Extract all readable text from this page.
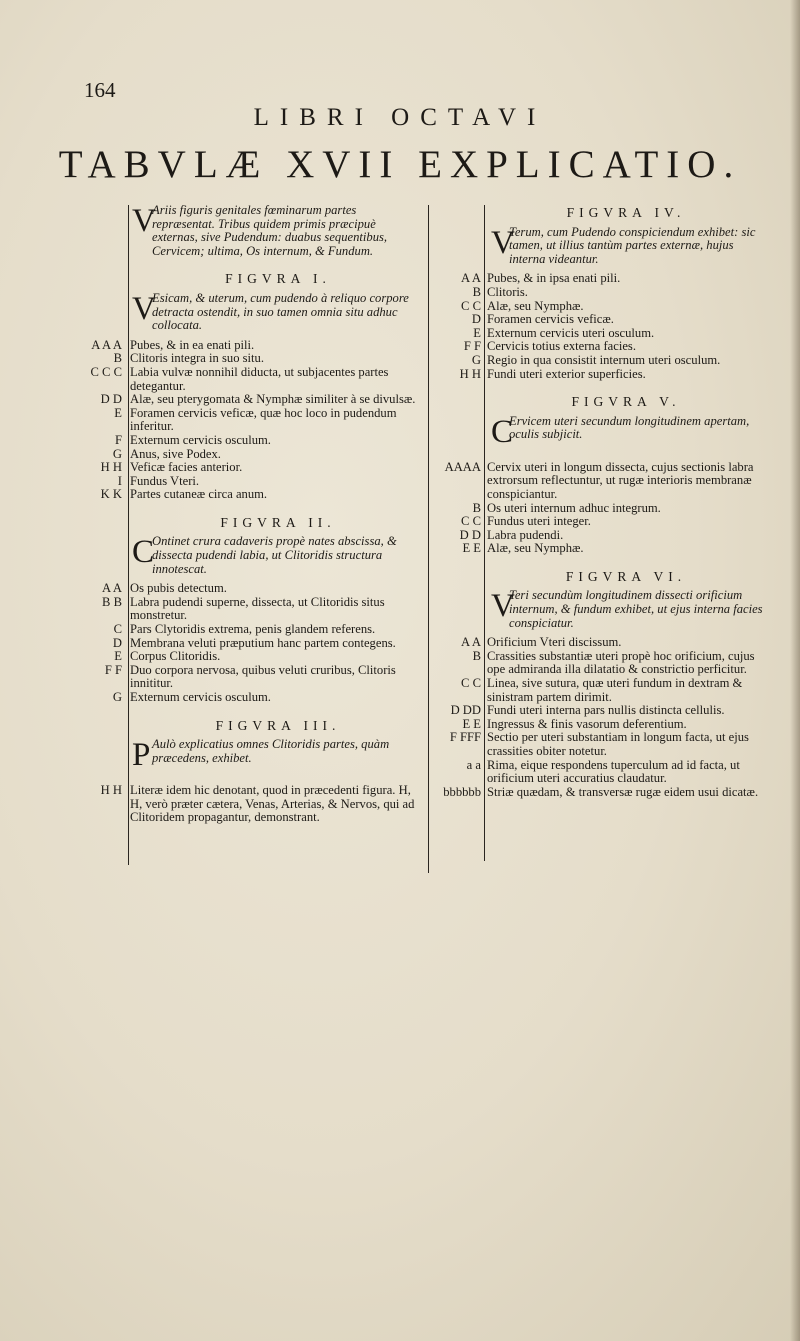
164
LIBRI OCTAVI
TABVLÆ XVII EXPLICATIO.
V
Ariis figuris genitales fœminarum partes repræsentat. Tribus quidem primis præcipuè externas, sive Pudendum: duabus sequentibus, Cervicem; ultima, Os internum, & Fundum.
FIGVRA I.
V
Esicam, & uterum, cum pudendo à reliquo corpore detracta ostendit, in suo tamen omnia situ adhuc collocata.
A A A Pubes, & in ea enati pili.
B Clitoris integra in suo situ.
C C C Labia vulvæ nonnihil diducta, ut subjacentes partes detegantur.
D D Alæ, seu pterygomata & Nymphæ similiter à se divulsæ.
E Foramen cervicis veficæ, quæ hoc loco in pudendum inferitur.
F Externum cervicis osculum.
G Anus, sive Podex.
H H Veficæ facies anterior.
I Fundus Vteri.
K K Partes cutaneæ circa anum.
FIGVRA II.
C
Ontinet crura cadaveris propè nates abscissa, & dissecta pudendi labia, ut Clitoridis structura innotescat.
A A Os pubis detectum.
B B Labra pudendi superne, dissecta, ut Clitoridis situs monstretur.
C Pars Clytoridis extrema, penis glandem referens.
D Membrana veluti præputium hanc partem contegens.
E Corpus Clitoridis.
F F Duo corpora nervosa, quibus veluti cruribus, Clitoris innititur.
G Externum cervicis osculum.
FIGVRA III.
P Aulò explicatius omnes Clitoridis partes, quàm præcedens, exhibet.
H H Literæ idem hic denotant, quod in præcedenti figura. H, H, verò præter cætera, Venas, Arterias, & Nervos, qui ad Clitoridem propagantur, demonstrant.
FIGVRA IV.
V
Terum, cum Pudendo conspiciendum exhibet: sic tamen, ut illius tantùm partes externæ, hujus interna videantur.
A A Pubes, & in ipsa enati pili.
B Clitoris.
C C Alæ, seu Nymphæ.
D Foramen cervicis veficæ.
E Externum cervicis uteri osculum.
F F Cervicis totius externa facies.
G Regio in qua consistit internum uteri osculum.
H H Fundi uteri exterior superficies.
FIGVRA V.
C
Ervicem uteri secundum longitudinem apertam, oculis subjicit.
AAAA Cervix uteri in longum dissecta, cujus sectionis labra extrorsum reflectuntur, ut rugæ interioris membranæ conspiciantur.
B Os uteri internum adhuc integrum.
C C Fundus uteri integer.
D D Labra pudendi.
E E Alæ, seu Nymphæ.
FIGVRA VI.
V
Teri secundùm longitudinem dissecti orificium internum, & fundum exhibet, ut ejus interna facies conspiciatur.
A A Orificium Vteri discissum.
B Crassities substantiæ uteri propè hoc orificium, cujus ope admiranda illa dilatatio & constrictio perficitur.
C C Linea, sive sutura, quæ uteri fundum in dextram & sinistram partem dirimit.
D DD Fundi uteri interna pars nullis distincta cellulis.
E E Ingressus & finis vasorum deferentium.
F FFF Sectio per uteri substantiam in longum facta, ut ejus crassities obiter notetur.
a a Rima, eique respondens tuperculum ad id facta, ut orificium uteri accuratius claudatur.
bbbbbb Striæ quædam, & transversæ rugæ eidem usui dicatæ.
